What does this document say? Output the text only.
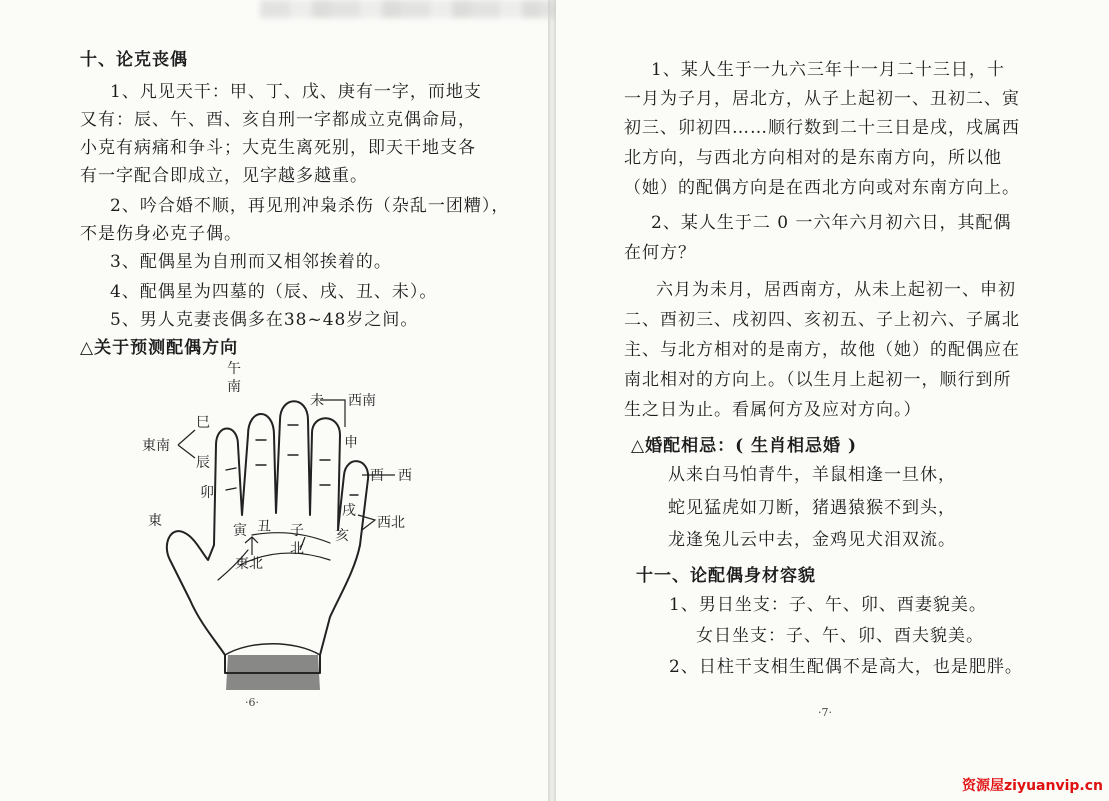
十、论克丧偶
1、凡见天干：甲、丁、戊、庚有一字，而地支
又有：辰、午、酉、亥自刑一字都成立克偶命局，
小克有病痛和争斗；大克生离死别，即天干地支各
有一字配合即成立，见字越多越重。
2、吟合婚不顺，再见刑冲枭杀伤（杂乱一团糟），
不是伤身必克子偶。
3、配偶星为自刑而又相邻挨着的。
4、配偶星为四墓的（辰、戌、丑、未）。
5、男人克妻丧偶多在38~48岁之间。
△关于预测配偶方向
午
南
未 西南
申
巳
東南
辰
卯
東
寅 丑
東北
子
北
亥
戌
西北
酉 西
·6·
1、某人生于一九六三年十一月二十三日，十
一月为子月，居北方，从子上起初一、丑初二、寅
初三、卯初四……顺行数到二十三日是戌，戌属西
北方向，与西北方向相对的是东南方向，所以他
（她）的配偶方向是在西北方向或对东南方向上。
2、某人生于二 0 一六年六月初六日，其配偶
在何方？
六月为未月，居西南方，从未上起初一、申初
二、酉初三、戌初四、亥初五、子上初六、子属北
主、与北方相对的是南方，故他（她）的配偶应在
南北相对的方向上。（以生月上起初一，顺行到所
生之日为止。看属何方及应对方向。）
△婚配相忌：( 生肖相忌婚 )
从来白马怕青牛，羊鼠相逢一旦休，
蛇见猛虎如刀断，猪遇猿猴不到头，
龙逢兔儿云中去，金鸡见犬泪双流。
十一、论配偶身材容貌
1、男日坐支：子、午、卯、酉妻貌美。
女日坐支：子、午、卯、酉夫貌美。
2、日柱干支相生配偶不是高大，也是肥胖。
·7·
资源屋ziyuanvip.cn
